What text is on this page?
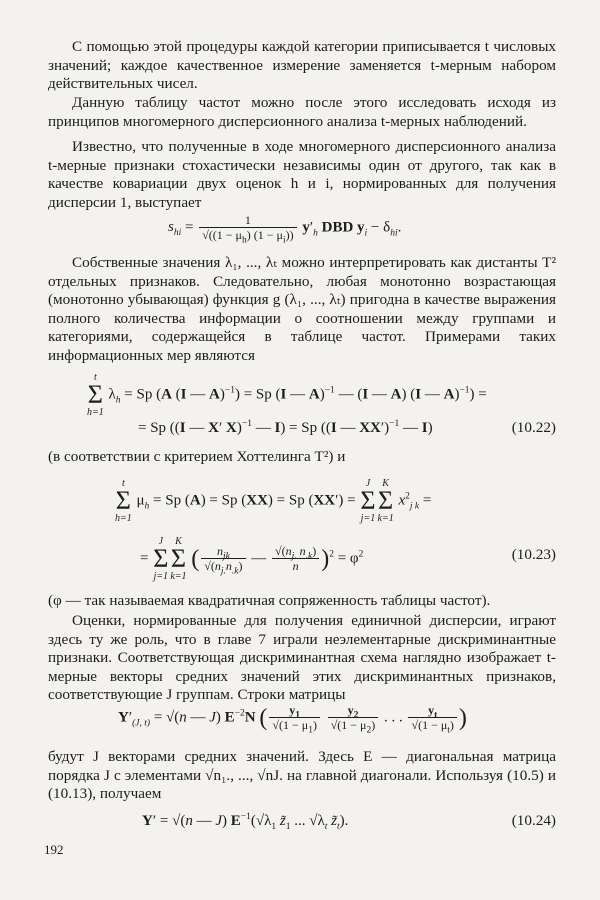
С помощью этой процедуры каждой категории приписывается t числовых значений; каждое качественное измерение заменяется t-мерным набором действительных чисел.

Данную таблицу частот можно после этого исследовать исходя из принципов многомерного дисперсионного анализа t-мерных наблюдений.

Известно, что полученные в ходе многомерного дисперсионного анализа t-мерные признаки стохастически независимы один от другого, так как в качестве ковариации двух оценок h и i, нормированных для получения дисперсии 1, выступает

$s_{hi} = \frac{1}{√((1 - \mu_h) (1 - \mu_i))} y'_h$ DBD $y_i - \delta_{hi}$.

Собственные значения λ₁, ..., λₜ можно интерпретировать как дистанты T² отдельных признаков. Следовательно, любая монотонно возрастающая (монотонно убывающая) функция g (λ₁, ..., λₜ) пригодна в качестве выражения полного количества информации о соотношении между группами и категориями, содержащейся в таблице частот. Примерами таких информационных мер являются

t
Σ
h=1
$\lambda_h = Sp$ (A (I — A)$^{-1}$) = Sp (I — A)$^{-1}$ — (I — A) (I — A)$^{-1}$) =
= Sp ((I — X′ X)$^{-1}$ — I) = Sp ((I — XX′)$^{-1}$ — I)	(10.22)

(в соответствии с критерием Хоттелинга T²) и

t
Σ
h=1
$\mu_h = Sp$ (A) = Sp (XX) = Sp (XX′) =
J
Σ
j=1
K
Σ
k=1
$x^2_{j k}$ =
=
J
Σ
j=1
K
Σ
k=1
( $\frac{n_{jk}}{√(n_{j.}n_{.k})}$ — $\frac{√(n_{j.} n_{.k})}{n} )^2 = \varphi^2$	(10.23)

(φ — так называемая квадратичная сопряженность таблицы частот).

Оценки, нормированные для получения единичной дисперсии, играют здесь ту же роль, что в главе 7 играли неэлементарные дискриминантные признаки. Соответствующая дискриминантная схема наглядно изображает t-мерные векторы средних значений этих дискриминантных признаков, соответствующие J группам. Строки матрицы

$Y'_{(J, t)} = √(n$ — J) $E^{-2}N$ ( $\frac{y_1}{√(1 - \mu_1)}$
$\frac{y_2}{√(1 - \mu_2)}$ . . . $\frac{y_t}{√(1 - \mu_t)}$ )

будут J векторами средних значений. Здесь E — диагональная матрица порядка J с элементами √n₁., ..., √nJ. на главной диагонали. Используя (10.5) и (10.13), получаем

Y′ = √(n — J) $E^{-1}(√\lambda_1$ $z̃_1$ ... $√\lambda_t$ $z̃_t$).	(10.24)
192
